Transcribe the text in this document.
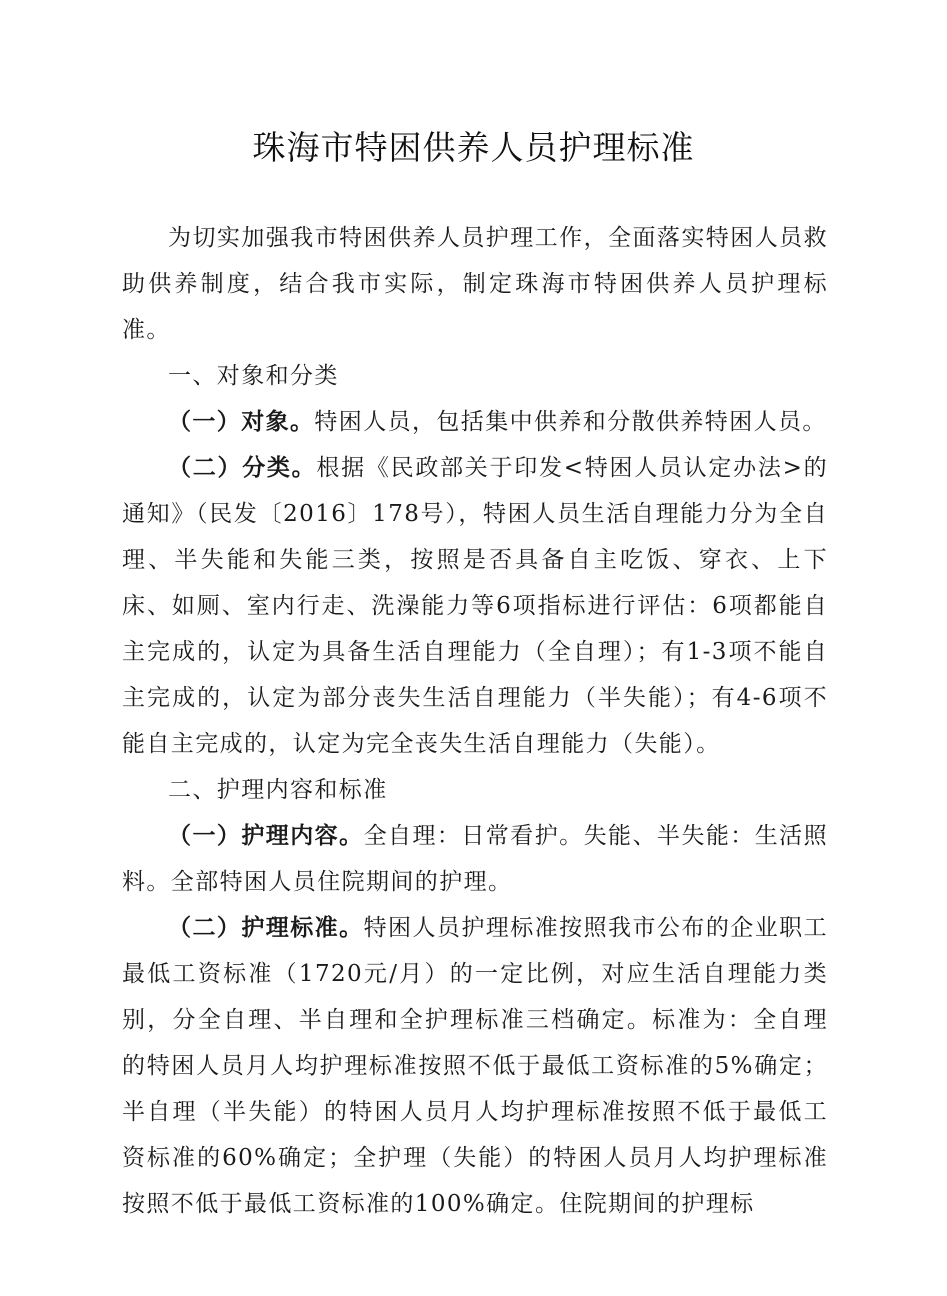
珠海市特困供养人员护理标准

为切实加强我市特困供养人员护理工作，全面落实特困人员救助供养制度，结合我市实际，制定珠海市特困供养人员护理标准。

一、对象和分类

（一）对象。特困人员，包括集中供养和分散供养特困人员。

（二）分类。根据《民政部关于印发<特困人员认定办法>的通知》（民发〔2016〕178号），特困人员生活自理能力分为全自理、半失能和失能三类，按照是否具备自主吃饭、穿衣、上下床、如厕、室内行走、洗澡能力等6项指标进行评估：6项都能自主完成的，认定为具备生活自理能力（全自理）；有1-3项不能自主完成的，认定为部分丧失生活自理能力（半失能）；有4-6项不能自主完成的，认定为完全丧失生活自理能力（失能）。

二、护理内容和标准

（一）护理内容。全自理：日常看护。失能、半失能：生活照料。全部特困人员住院期间的护理。

（二）护理标准。特困人员护理标准按照我市公布的企业职工最低工资标准（1720元/月）的一定比例，对应生活自理能力类别，分全自理、半自理和全护理标准三档确定。标准为：全自理的特困人员月人均护理标准按照不低于最低工资标准的5%确定；半自理（半失能）的特困人员月人均护理标准按照不低于最低工资标准的60%确定；全护理（失能）的特困人员月人均护理标准按照不低于最低工资标准的100%确定。住院期间的护理标
